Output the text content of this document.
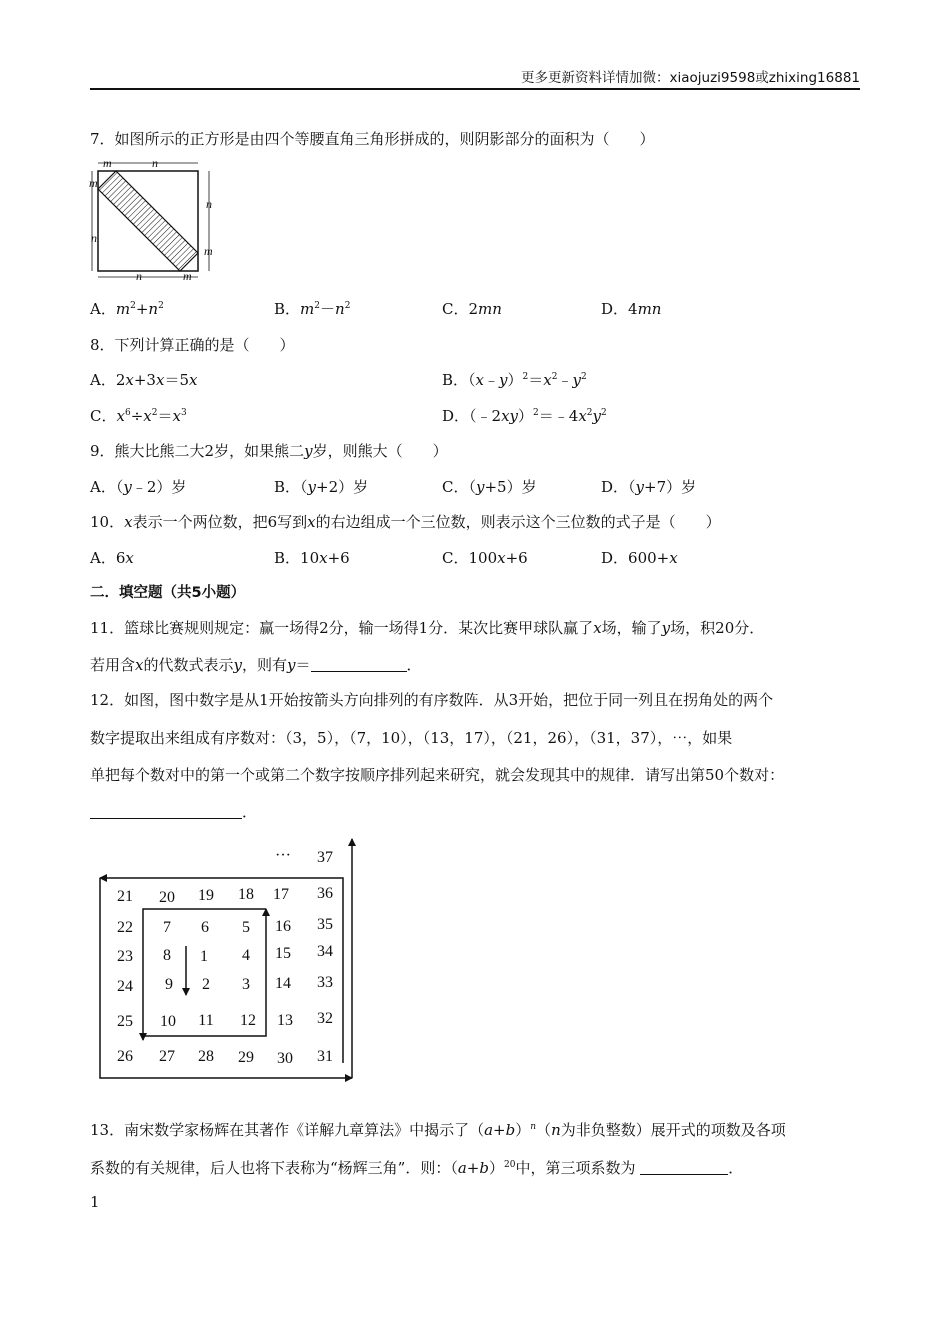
更多更新资料详情加微：xiaojuzi9598或zhixing16881
7．如图所示的正方形是由四个等腰直角三角形拼成的，则阴影部分的面积为（　　）
m	n
m
n
n
m
n	m
A．$m^2+n^2$	B．$m^2-n^2$	C．2mn	D．4mn
8．下列计算正确的是（　　）
A．2x+3x＝5x	B．$(x﹣y)^2=x^2﹣y^2$
C．$x^6\div x^2=x^3$	D．$(﹣2xy)^2=﹣4x^2y^2$
9．熊大比熊二大2岁，如果熊二y岁，则熊大（　　）
A．（y﹣2）岁	B．（y+2）岁	C．（y+5）岁	D．（y+7）岁
10．x表示一个两位数，把6写到x的右边组成一个三位数，则表示这个三位数的式子是（　　）
A．6x	B．10x+6	C．100x+6	D．600+x
二．填空题（共5小题）
11．篮球比赛规则规定：赢一场得2分，输一场得1分．某次比赛甲球队赢了x场，输了y场，积20分．
若用含x的代数式表示y，则有y＝	．
12．如图，图中数字是从1开始按箭头方向排列的有序数阵．从3开始，把位于同一列且在拐角处的两个
数字提取出来组成有序数对：（3，5），（7，10），（13，17），（21，26），（31，37），⋯，如果
单把每个数对中的第一个或第二个数字按顺序排列起来研究，就会发现其中的规律．请写出第50个数对：
．
1
2 3
4
5
6
7
8
9
10 11 12 13
14
15
16
17
18
19
20
21
22
23
24
25
26 27 28 29 30 31
32
33
34
35
36
37
···
13．南宋数学家杨辉在其著作《详解九章算法》中揭示了$(a+b)^n(n$为非负整数）展开式的项数及各项
系数的有关规律，后人也将下表称为“杨辉三角”．则：$(a+b)^{20}$中，第三项系数为	．
1
